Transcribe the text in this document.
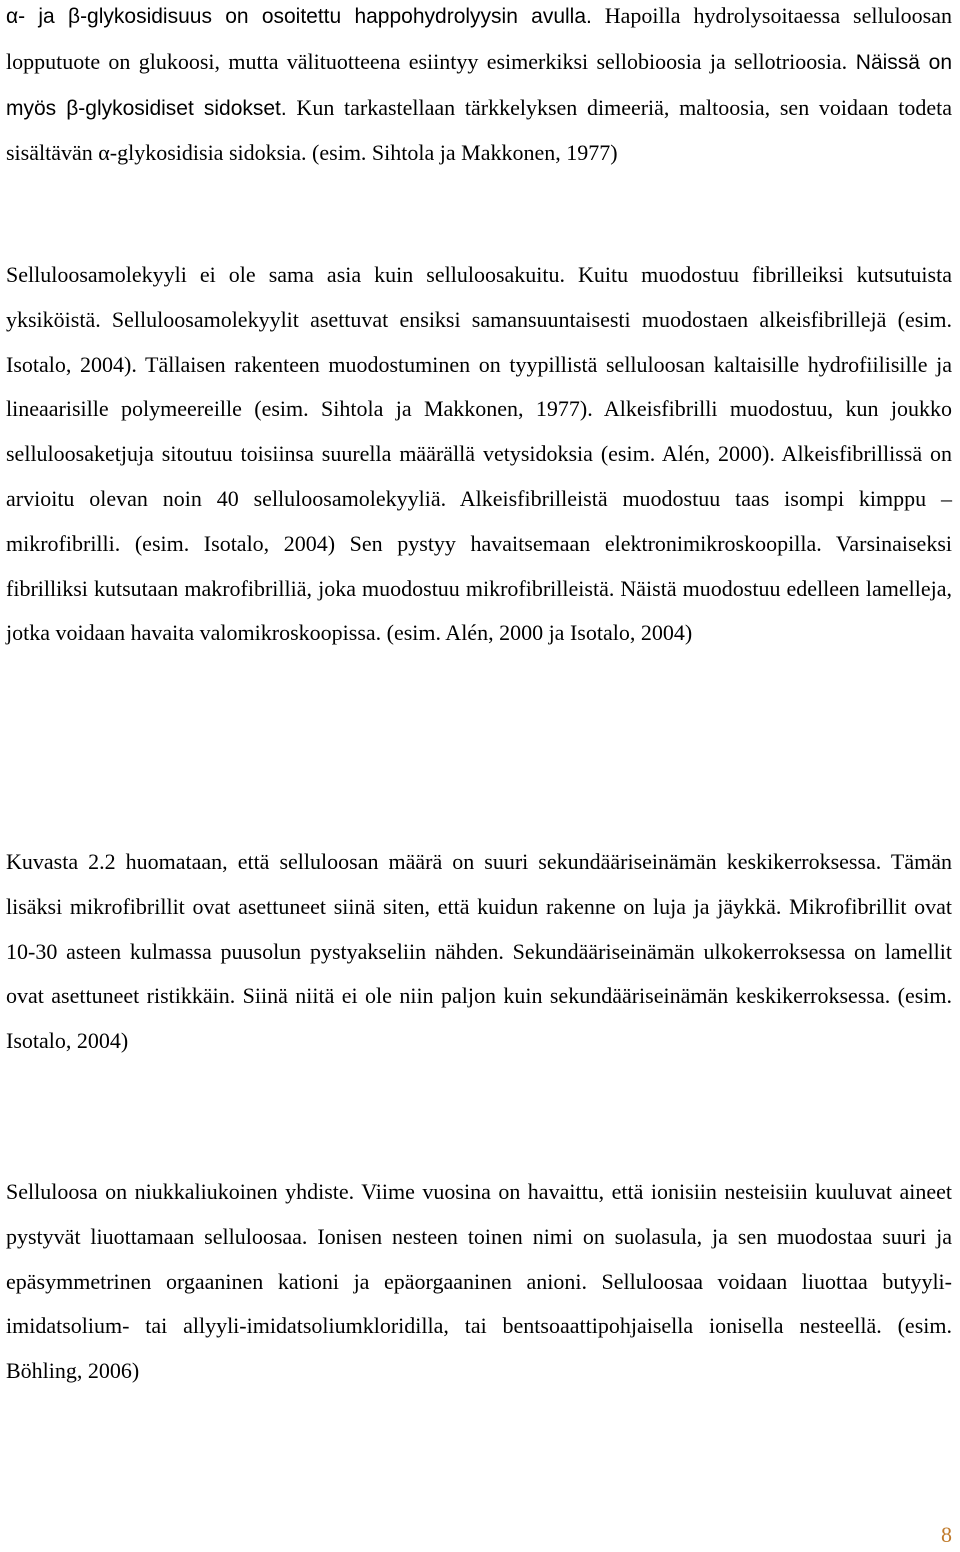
α- ja β-glykosidisuus on osoitettu happohydrolyysin avulla. Hapoilla hydrolysoitaessa selluloosan lopputuote on glukoosi, mutta välituotteena esiintyy esimerkiksi sellobioosia ja sellotrioosia. Näissä on myös β-glykosidiset sidokset. Kun tarkastellaan tärkkelyksen dimeeriä, maltoosia, sen voidaan todeta sisältävän α-glykosidisia sidoksia. (esim. Sihtola ja Makkonen, 1977)

Selluloosamolekyyli ei ole sama asia kuin selluloosakuitu. Kuitu muodostuu fibrilleiksi kutsutuista yksiköistä. Selluloosamolekyylit asettuvat ensiksi samansuuntaisesti muodostaen alkeisfibrillejä (esim. Isotalo, 2004). Tällaisen rakenteen muodostuminen on tyypillistä selluloosan kaltaisille hydrofiilisille ja lineaarisille polymeereille (esim. Sihtola ja Makkonen, 1977). Alkeisfibrilli muodostuu, kun joukko selluloosaketjuja sitoutuu toisiinsa suurella määrällä vetysidoksia (esim. Alén, 2000). Alkeisfibrillissä on arvioitu olevan noin 40 selluloosamolekyyliä. Alkeisfibrilleistä muodostuu taas isompi kimppu – mikrofibrilli. (esim. Isotalo, 2004) Sen pystyy havaitsemaan elektronimikroskoopilla. Varsinaiseksi fibrilliksi kutsutaan makrofibrilliä, joka muodostuu mikrofibrilleistä. Näistä muodostuu edelleen lamelleja, jotka voidaan havaita valomikroskoopissa. (esim. Alén, 2000 ja Isotalo, 2004)

Kuvasta 2.2 huomataan, että selluloosan määrä on suuri sekundääriseinämän keskikerroksessa. Tämän lisäksi mikrofibrillit ovat asettuneet siinä siten, että kuidun rakenne on luja ja jäykkä. Mikrofibrillit ovat 10-30 asteen kulmassa puusolun pystyakseliin nähden. Sekundääriseinämän ulkokerroksessa on lamellit ovat asettuneet ristikkäin. Siinä niitä ei ole niin paljon kuin sekundääriseinämän keskikerroksessa. (esim. Isotalo, 2004)

Selluloosa on niukkaliukoinen yhdiste. Viime vuosina on havaittu, että ionisiin nesteisiin kuuluvat aineet pystyvät liuottamaan selluloosaa. Ionisen nesteen toinen nimi on suolasula, ja sen muodostaa suuri ja epäsymmetrinen orgaaninen kationi ja epäorgaaninen anioni. Selluloosaa voidaan liuottaa butyyli-imidatsolium- tai allyyli-imidatsoliumkloridilla, tai bentsoaattipohjaisella ionisella nesteellä. (esim. Böhling, 2006)

8
